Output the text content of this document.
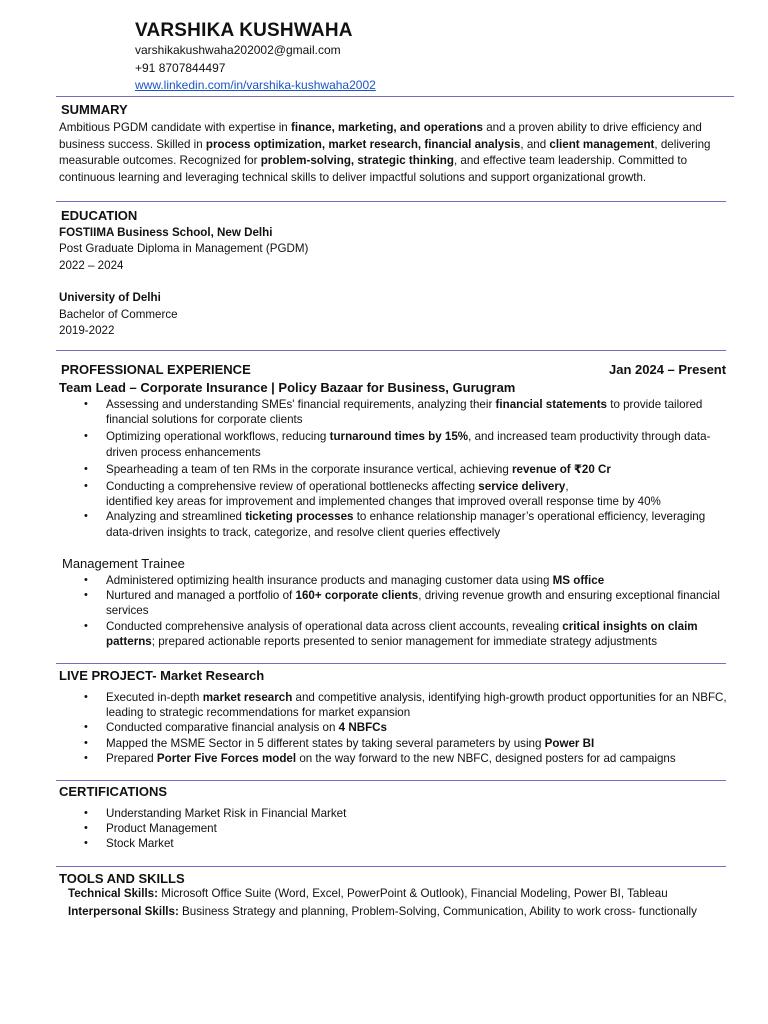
VARSHIKA KUSHWAHA
varshikakushwaha202002@gmail.com
+91 8707844497
www.linkedin.com/in/varshika-kushwaha2002
SUMMARY
Ambitious PGDM candidate with expertise in finance, marketing, and operations and a proven ability to drive efficiency and business success. Skilled in process optimization, market research, financial analysis, and client management, delivering measurable outcomes. Recognized for problem-solving, strategic thinking, and effective team leadership. Committed to continuous learning and leveraging technical skills to deliver impactful solutions and support organizational growth.
EDUCATION
FOSTIIMA Business School, New Delhi
Post Graduate Diploma in Management (PGDM)
2022 – 2024
University of Delhi
Bachelor of Commerce
2019-2022
PROFESSIONAL EXPERIENCE	Jan 2024 – Present
Team Lead – Corporate Insurance | Policy Bazaar for Business, Gurugram
• Assessing and understanding SMEs' financial requirements, analyzing their financial statements to provide tailored financial solutions for corporate clients
• Optimizing operational workflows, reducing turnaround times by 15%, and increased team productivity through data-driven process enhancements
• Spearheading a team of ten RMs in the corporate insurance vertical, achieving revenue of ₹20 Cr
• Conducting a comprehensive review of operational bottlenecks affecting service delivery,
identified key areas for improvement and implemented changes that improved overall response time by 40%
• Analyzing and streamlined ticketing processes to enhance relationship manager’s operational efficiency, leveraging data-driven insights to track, categorize, and resolve client queries effectively
Management Trainee
• Administered optimizing health insurance products and managing customer data using MS office
• Nurtured and managed a portfolio of 160+ corporate clients, driving revenue growth and ensuring exceptional financial services
• Conducted comprehensive analysis of operational data across client accounts, revealing critical insights on claim patterns; prepared actionable reports presented to senior management for immediate strategy adjustments
LIVE PROJECT- Market Research
• Executed in-depth market research and competitive analysis, identifying high-growth product opportunities for an NBFC, leading to strategic recommendations for market expansion
• Conducted comparative financial analysis on 4 NBFCs
• Mapped the MSME Sector in 5 different states by taking several parameters by using Power BI
• Prepared Porter Five Forces model on the way forward to the new NBFC, designed posters for ad campaigns
CERTIFICATIONS
• Understanding Market Risk in Financial Market
• Product Management
• Stock Market
TOOLS AND SKILLS
Technical Skills: Microsoft Office Suite (Word, Excel, PowerPoint & Outlook), Financial Modeling, Power BI, Tableau
Interpersonal Skills: Business Strategy and planning, Problem-Solving, Communication, Ability to work cross- functionally
